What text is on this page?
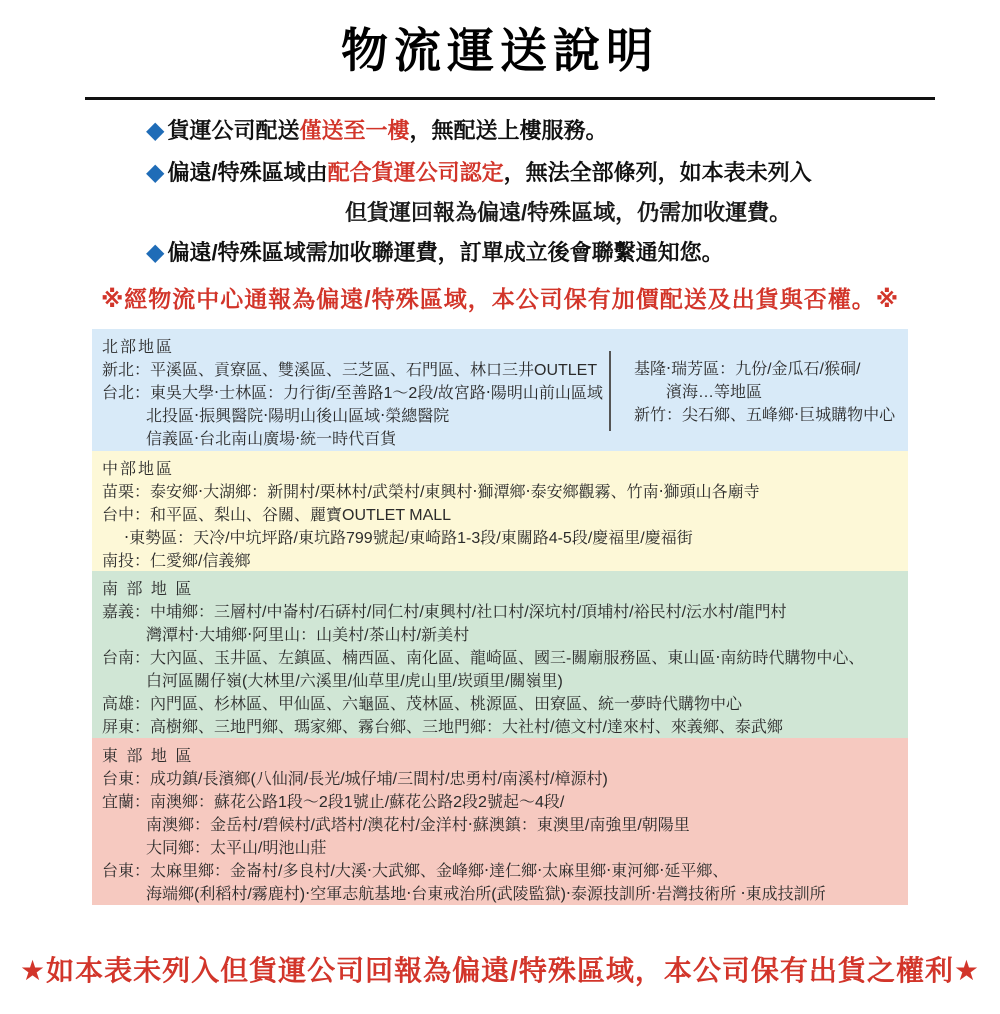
物流運送說明
◆ 貨運公司配送僅送至一樓，無配送上樓服務。
◆ 偏遠/特殊區域由配合貨運公司認定，無法全部條列，如本表未列入
但貨運回報為偏遠/特殊區域，仍需加收運費。
◆ 偏遠/特殊區域需加收聯運費，訂單成立後會聯繫通知您。
※經物流中心通報為偏遠/特殊區域，本公司保有加價配送及出貨與否權。※
北部地區
新北：平溪區、貢寮區、雙溪區、三芝區、石門區、林口三井OUTLET
台北：東吳大學‧士林區：力行街/至善路1～2段/故宮路‧陽明山前山區域
北投區‧振興醫院‧陽明山後山區域‧榮總醫院
信義區‧台北南山廣場‧統一時代百貨
基隆‧瑞芳區：九份/金瓜石/猴硐/
濱海…等地區
新竹：尖石鄉、五峰鄉‧巨城購物中心
中部地區
苗栗：泰安鄉‧大湖鄉：新開村/栗林村/武榮村/東興村‧獅潭鄉‧泰安鄉觀霧、竹南‧獅頭山各廟寺
台中：和平區、梨山、谷關、麗寶OUTLET MALL
‧東勢區：天冷/中坑坪路/東坑路799號起/東崎路1-3段/東關路4-5段/慶福里/慶福街
南投：仁愛鄉/信義鄉
南 部 地 區
嘉義：中埔鄉：三層村/中崙村/石硦村/同仁村/東興村/社口村/深坑村/頂埔村/裕民村/沄水村/龍門村
灣潭村‧大埔鄉‧阿里山：山美村/茶山村/新美村
台南：大內區、玉井區、左鎮區、楠西區、南化區、龍崎區、國三-關廟服務區、東山區‧南紡時代購物中心、
白河區關仔嶺(大林里/六溪里/仙草里/虎山里/崁頭里/關嶺里)
高雄：內門區、杉林區、甲仙區、六龜區、茂林區、桃源區、田寮區、統一夢時代購物中心
屏東：高樹鄉、三地門鄉、瑪家鄉、霧台鄉、三地門鄉：大社村/德文村/達來村、來義鄉、泰武鄉
東 部 地 區
台東：成功鎮/長濱鄉(八仙洞/長光/城仔埔/三間村/忠勇村/南溪村/樟源村)
宜蘭：南澳鄉：蘇花公路1段～2段1號止/蘇花公路2段2號起～4段/
南澳鄉：金岳村/碧候村/武塔村/澳花村/金洋村‧蘇澳鎮：東澳里/南強里/朝陽里
大同鄉：太平山/明池山莊
台東：太麻里鄉：金崙村/多良村/大溪‧大武鄉、金峰鄉‧達仁鄉‧太麻里鄉‧東河鄉‧延平鄉、
海端鄉(利稻村/霧鹿村)‧空軍志航基地‧台東戒治所(武陵監獄)‧泰源技訓所‧岩灣技術所 ‧東成技訓所
★如本表未列入但貨運公司回報為偏遠/特殊區域，本公司保有出貨之權利★
